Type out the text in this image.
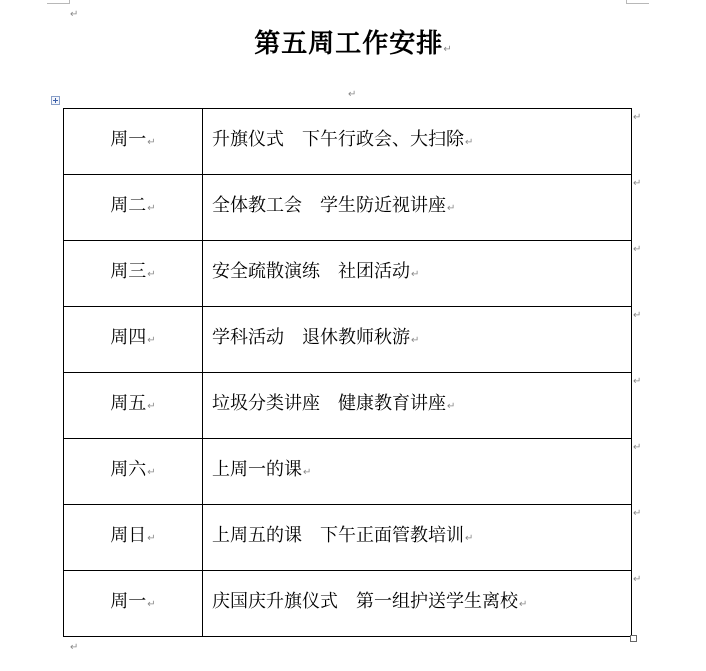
↵
第五周工作安排↵
↵
周一↵	升旗仪式　下午行政会、大扫除↵
周二↵	全体教工会　学生防近视讲座↵
周三↵	安全疏散演练　社团活动↵
周四↵	学科活动　退休教师秋游↵
周五↵	垃圾分类讲座　健康教育讲座↵
周六↵	上周一的课↵
周日↵	上周五的课　下午正面管教培训↵
周一↵	庆国庆升旗仪式　第一组护送学生离校↵
↵
↵
↵
↵
↵
↵
↵
↵
↵
